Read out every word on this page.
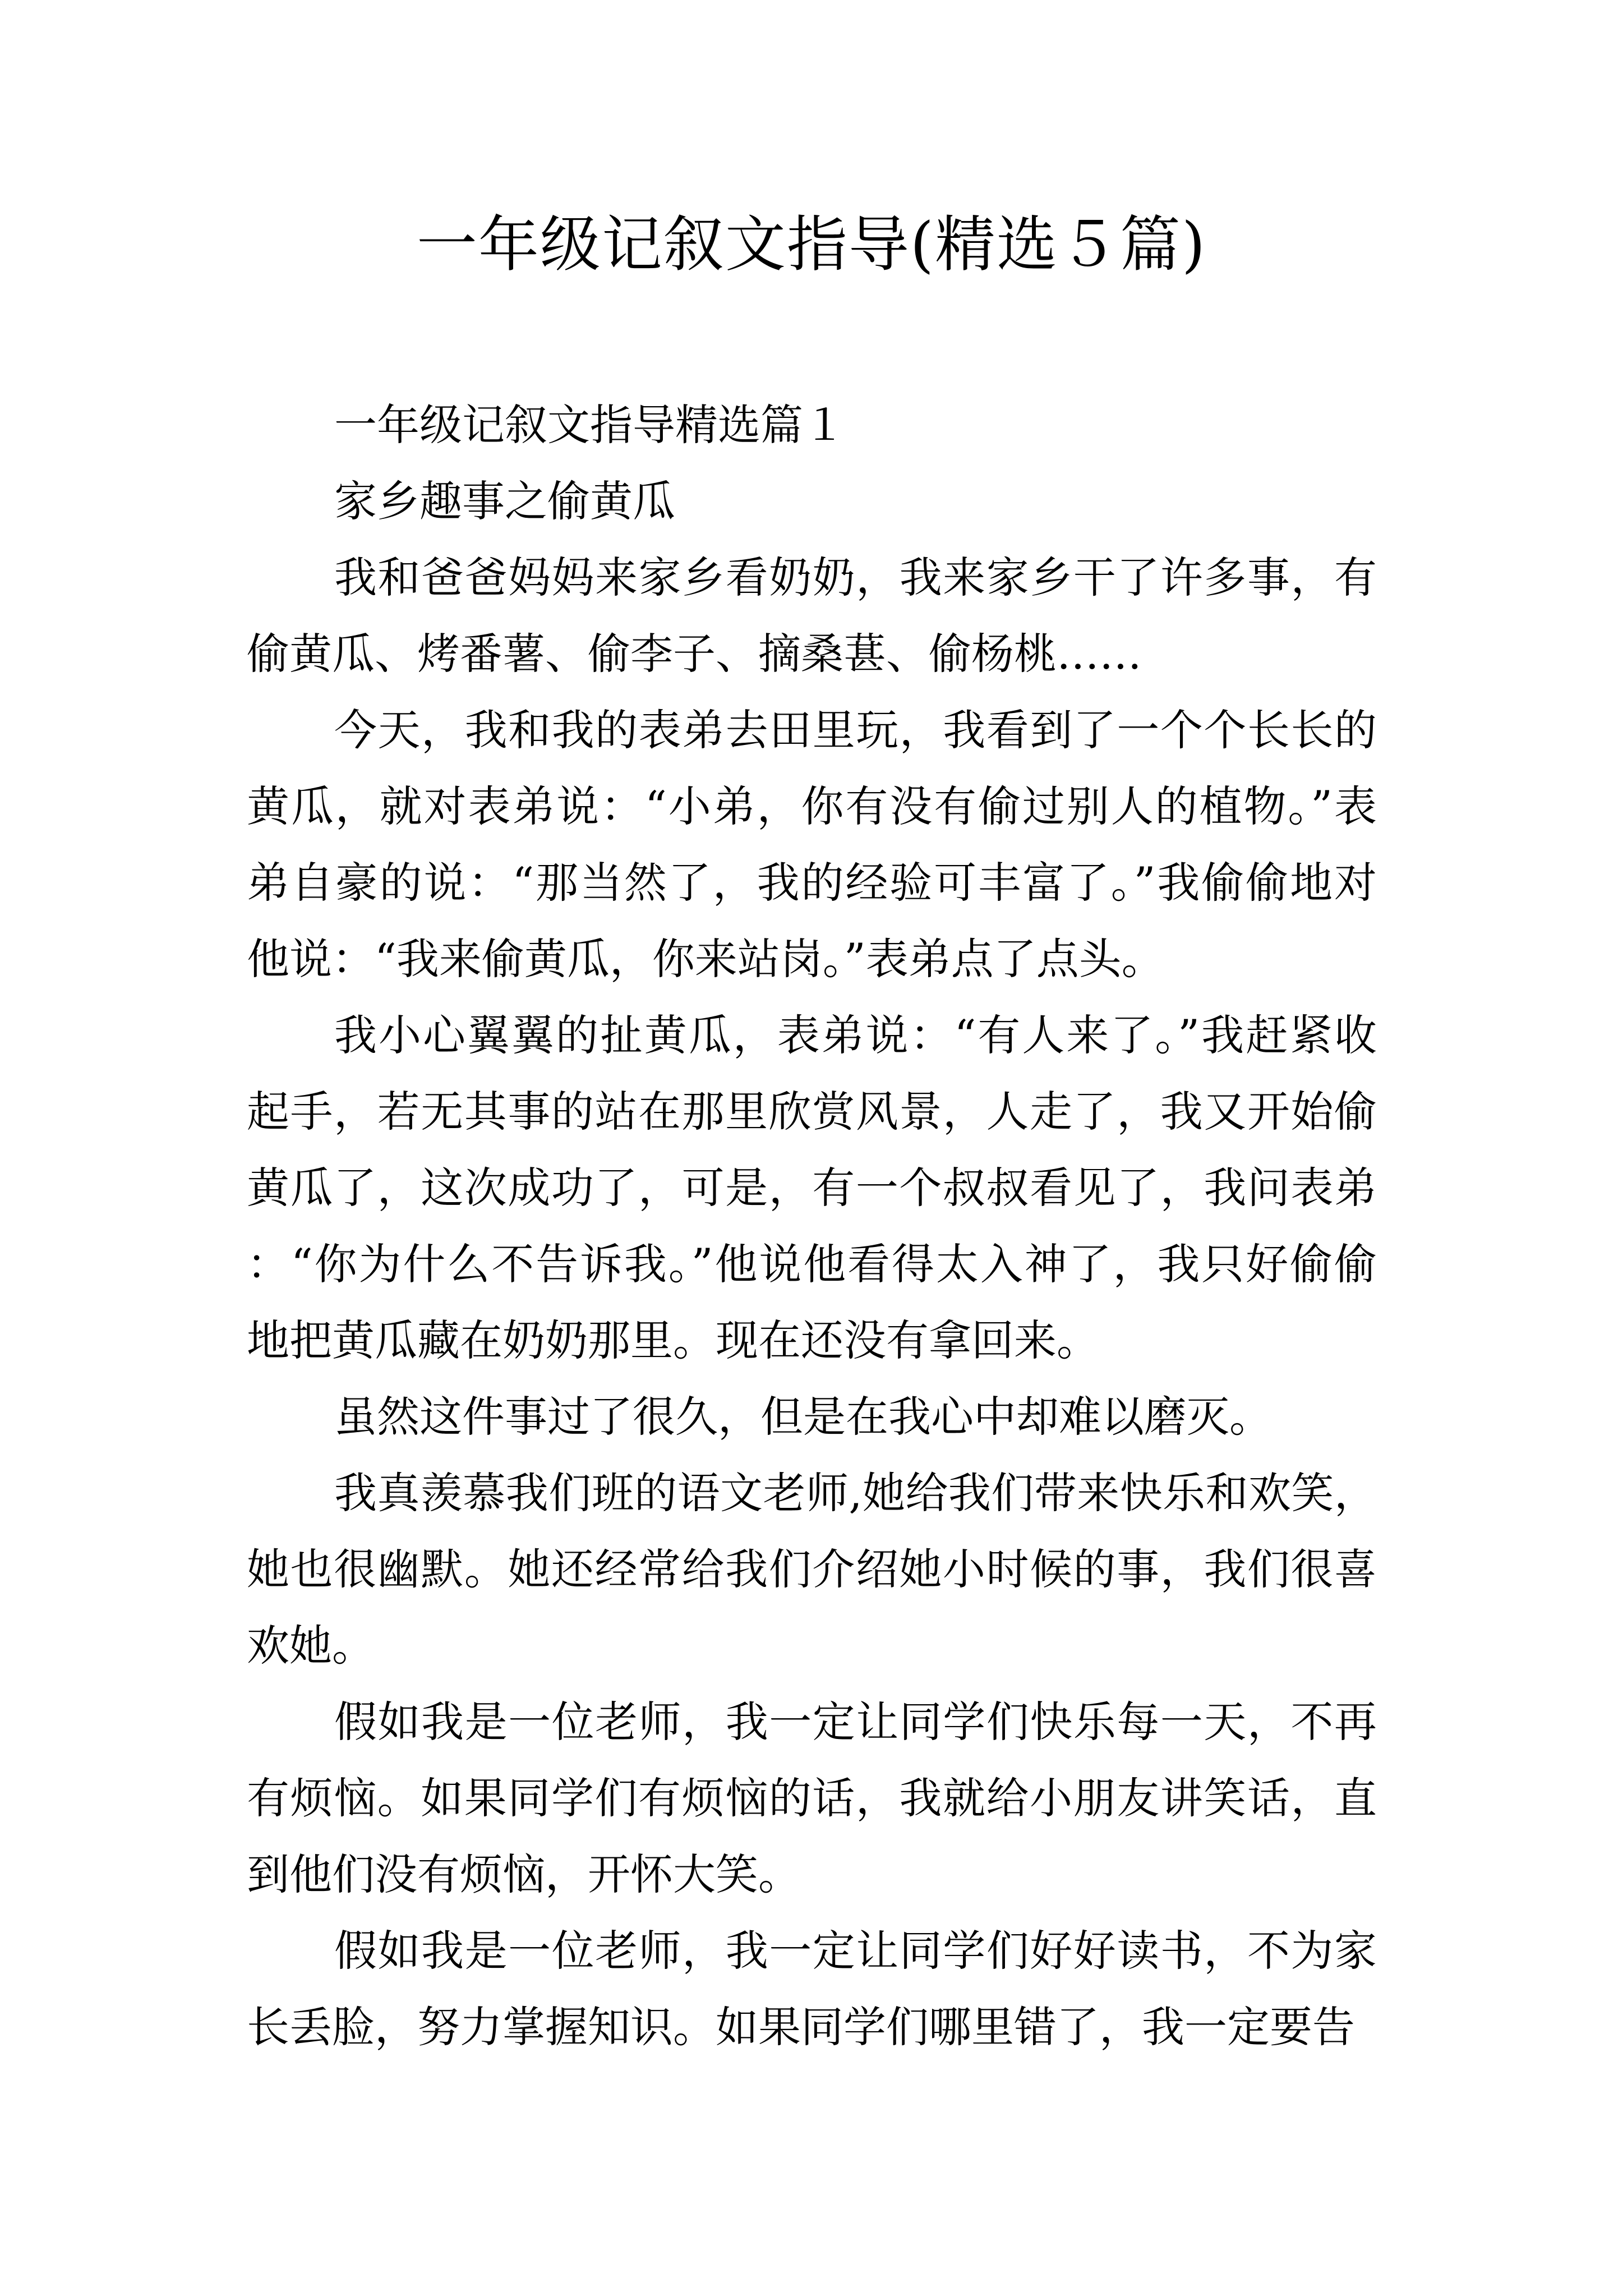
一年级记叙文指导(精选５篇)

一年级记叙文指导精选篇１

家乡趣事之偷黄瓜

我和爸爸妈妈来家乡看奶奶，我来家乡干了许多事，有偷黄瓜、烤番薯、偷李子、摘桑葚、偷杨桃……

今天，我和我的表弟去田里玩，我看到了一个个长长的黄瓜，就对表弟说：“小弟，你有没有偷过别人的植物。”表弟自豪的说：“那当然了，我的经验可丰富了。”我偷偷地对他说：“我来偷黄瓜，你来站岗。”表弟点了点头。

我小心翼翼的扯黄瓜，表弟说：“有人来了。”我赶紧收起手，若无其事的站在那里欣赏风景，人走了，我又开始偷黄瓜了，这次成功了，可是，有一个叔叔看见了，我问表弟：“你为什么不告诉我。”他说他看得太入神了，我只好偷偷地把黄瓜藏在奶奶那里。现在还没有拿回来。

虽然这件事过了很久，但是在我心中却难以磨灭。

我真羡慕我们班的语文老师,她给我们带来快乐和欢笑，她也很幽默。她还经常给我们介绍她小时候的事，我们很喜欢她。

假如我是一位老师，我一定让同学们快乐每一天，不再有烦恼。如果同学们有烦恼的话，我就给小朋友讲笑话，直到他们没有烦恼，开怀大笑。

假如我是一位老师，我一定让同学们好好读书，不为家长丢脸，努力掌握知识。如果同学们哪里错了，我一定要告
